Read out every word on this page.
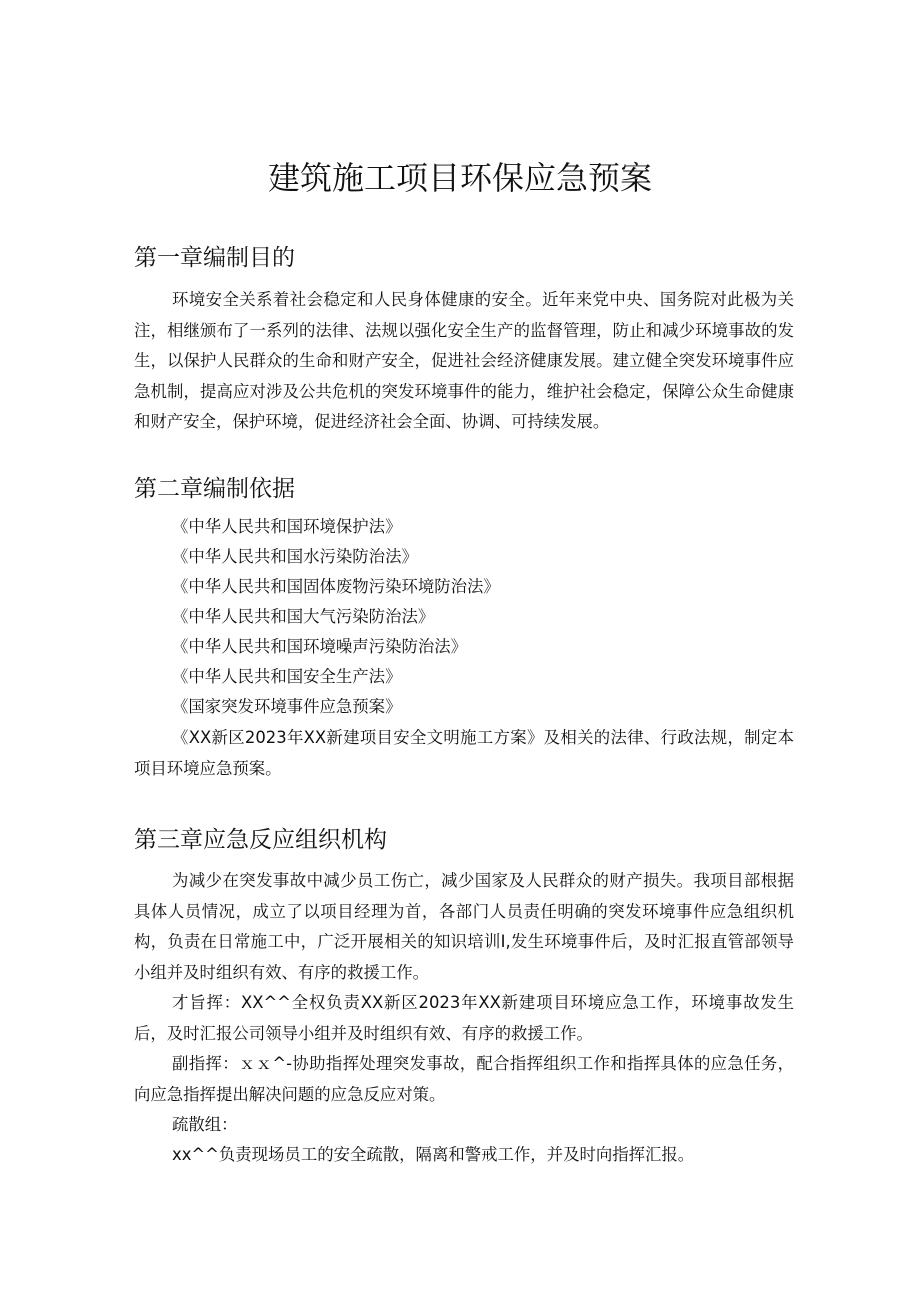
建筑施工项目环保应急预案
第一章编制目的

环境安全关系着社会稳定和人民身体健康的安全。近年来党中央、国务院对此极为关注，相继颁布了一系列的法律、法规以强化安全生产的监督管理，防止和减少环境事故的发生，以保护人民群众的生命和财产安全，促进社会经济健康发展。建立健全突发环境事件应急机制，提高应对涉及公共危机的突发环境事件的能力，维护社会稳定，保障公众生命健康和财产安全，保护环境，促进经济社会全面、协调、可持续发展。

第二章编制依据
《中华人民共和国环境保护法》
《中华人民共和国水污染防治法》
《中华人民共和国固体废物污染环境防治法》
《中华人民共和国大气污染防治法》
《中华人民共和国环境噪声污染防治法》
《中华人民共和国安全生产法》
《国家突发环境事件应急预案》

《XX新区2023年XX新建项目安全文明施工方案》及相关的法律、行政法规，制定本项目环境应急预案。

第三章应急反应组织机构

为减少在突发事故中减少员工伤亡，减少国家及人民群众的财产损失。我项目部根据具体人员情况，成立了以项目经理为首，各部门人员责任明确的突发环境事件应急组织机构，负责在日常施工中，广泛开展相关的知识培训I,发生环境事件后，及时汇报直管部领导小组并及时组织有效、有序的救援工作。

才旨挥：XX^^全权负责XX新区2023年XX新建项目环境应急工作，环境事故发生后，及时汇报公司领导小组并及时组织有效、有序的救援工作。

副指挥：ｘｘ^-协助指挥处理突发事故，配合指挥组织工作和指挥具体的应急任务，向应急指挥提出解决问题的应急反应对策。

疏散组：

xx^^负责现场员工的安全疏散，隔离和警戒工作，并及时向指挥汇报。
